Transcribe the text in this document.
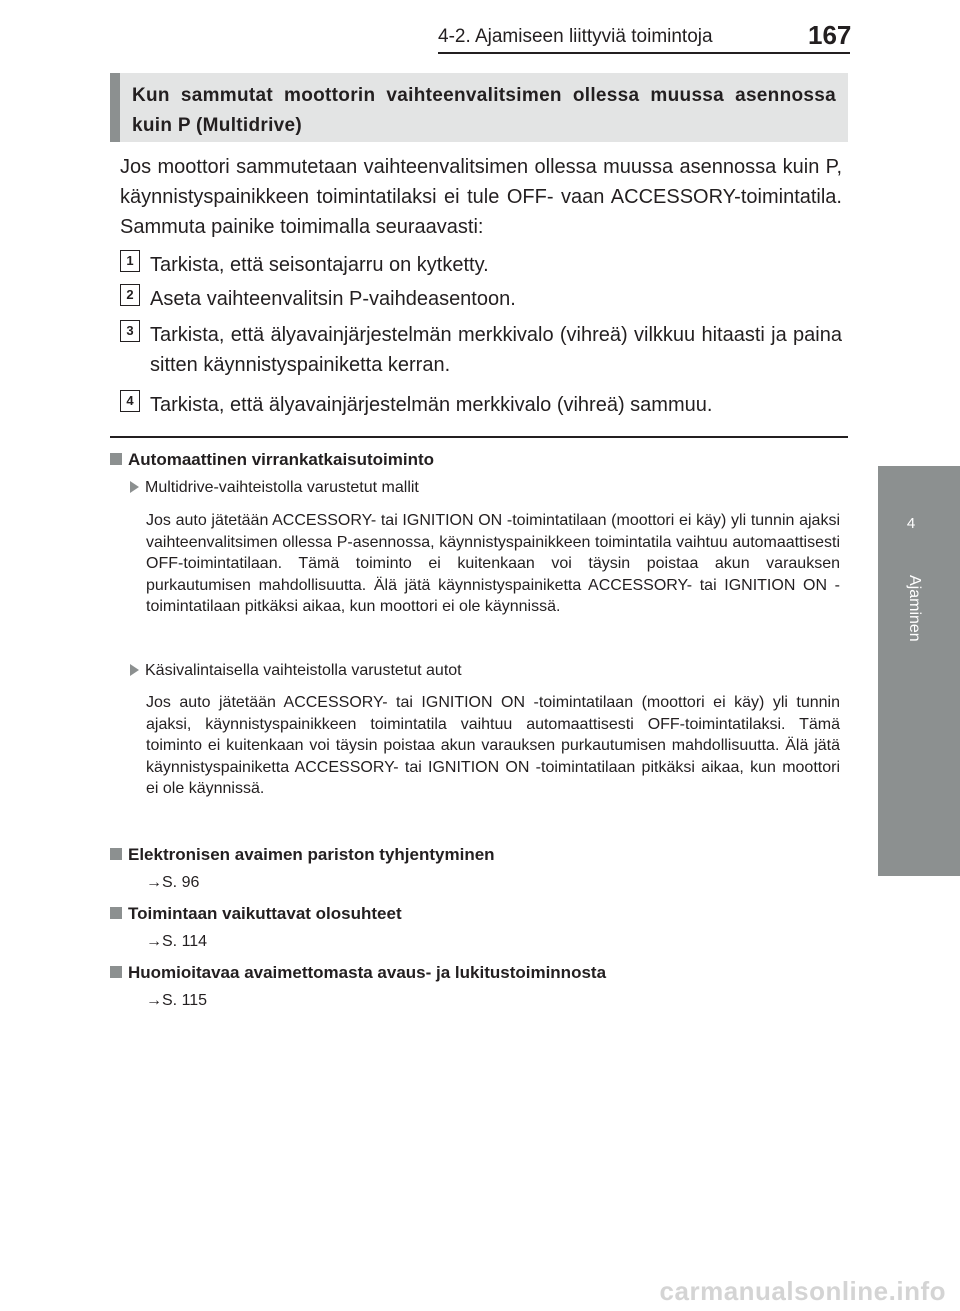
4-2. Ajamiseen liittyviä toimintoja	167
4
Ajaminen
Kun sammutat moottorin vaihteenvalitsimen ollessa muussa asennossa kuin P (Multidrive)
Jos moottori sammutetaan vaihteenvalitsimen ollessa muussa asennossa kuin P, käynnistyspainikkeen toimintatilaksi ei tule OFF- vaan ACCESSORY-toimintatila. Sammuta painike toimimalla seuraavasti:
1 Tarkista, että seisontajarru on kytketty.
2 Aseta vaihteenvalitsin P-vaihdeasentoon.
3 Tarkista, että älyavainjärjestelmän merkkivalo (vihreä) vilkkuu hitaasti ja paina sitten käynnistyspainiketta kerran.
4 Tarkista, että älyavainjärjestelmän merkkivalo (vihreä) sammuu.
Automaattinen virrankatkaisutoiminto
Multidrive-vaihteistolla varustetut mallit
Jos auto jätetään ACCESSORY- tai IGNITION ON -toimintatilaan (moottori ei käy) yli tunnin ajaksi vaihteenvalitsimen ollessa P-asennossa, käynnistyspainikkeen toimintatila vaihtuu automaattisesti OFF-toimintatilaan. Tämä toiminto ei kuitenkaan voi täysin poistaa akun varauksen purkautumisen mahdollisuutta. Älä jätä käynnistyspainiketta ACCESSORY- tai IGNITION ON -toimintatilaan pitkäksi aikaa, kun moottori ei ole käynnissä.
Käsivalintaisella vaihteistolla varustetut autot
Jos auto jätetään ACCESSORY- tai IGNITION ON -toimintatilaan (moottori ei käy) yli tunnin ajaksi, käynnistyspainikkeen toimintatila vaihtuu automaattisesti OFF-toimintatilaksi. Tämä toiminto ei kuitenkaan voi täysin poistaa akun varauksen purkautumisen mahdollisuutta. Älä jätä käynnistyspainiketta ACCESSORY- tai IGNITION ON -toimintatilaan pitkäksi aikaa, kun moottori ei ole käynnissä.
Elektronisen avaimen pariston tyhjentyminen
→S. 96
Toimintaan vaikuttavat olosuhteet
→S. 114
Huomioitavaa avaimettomasta avaus- ja lukitustoiminnosta
→S. 115
carmanualsonline.info
